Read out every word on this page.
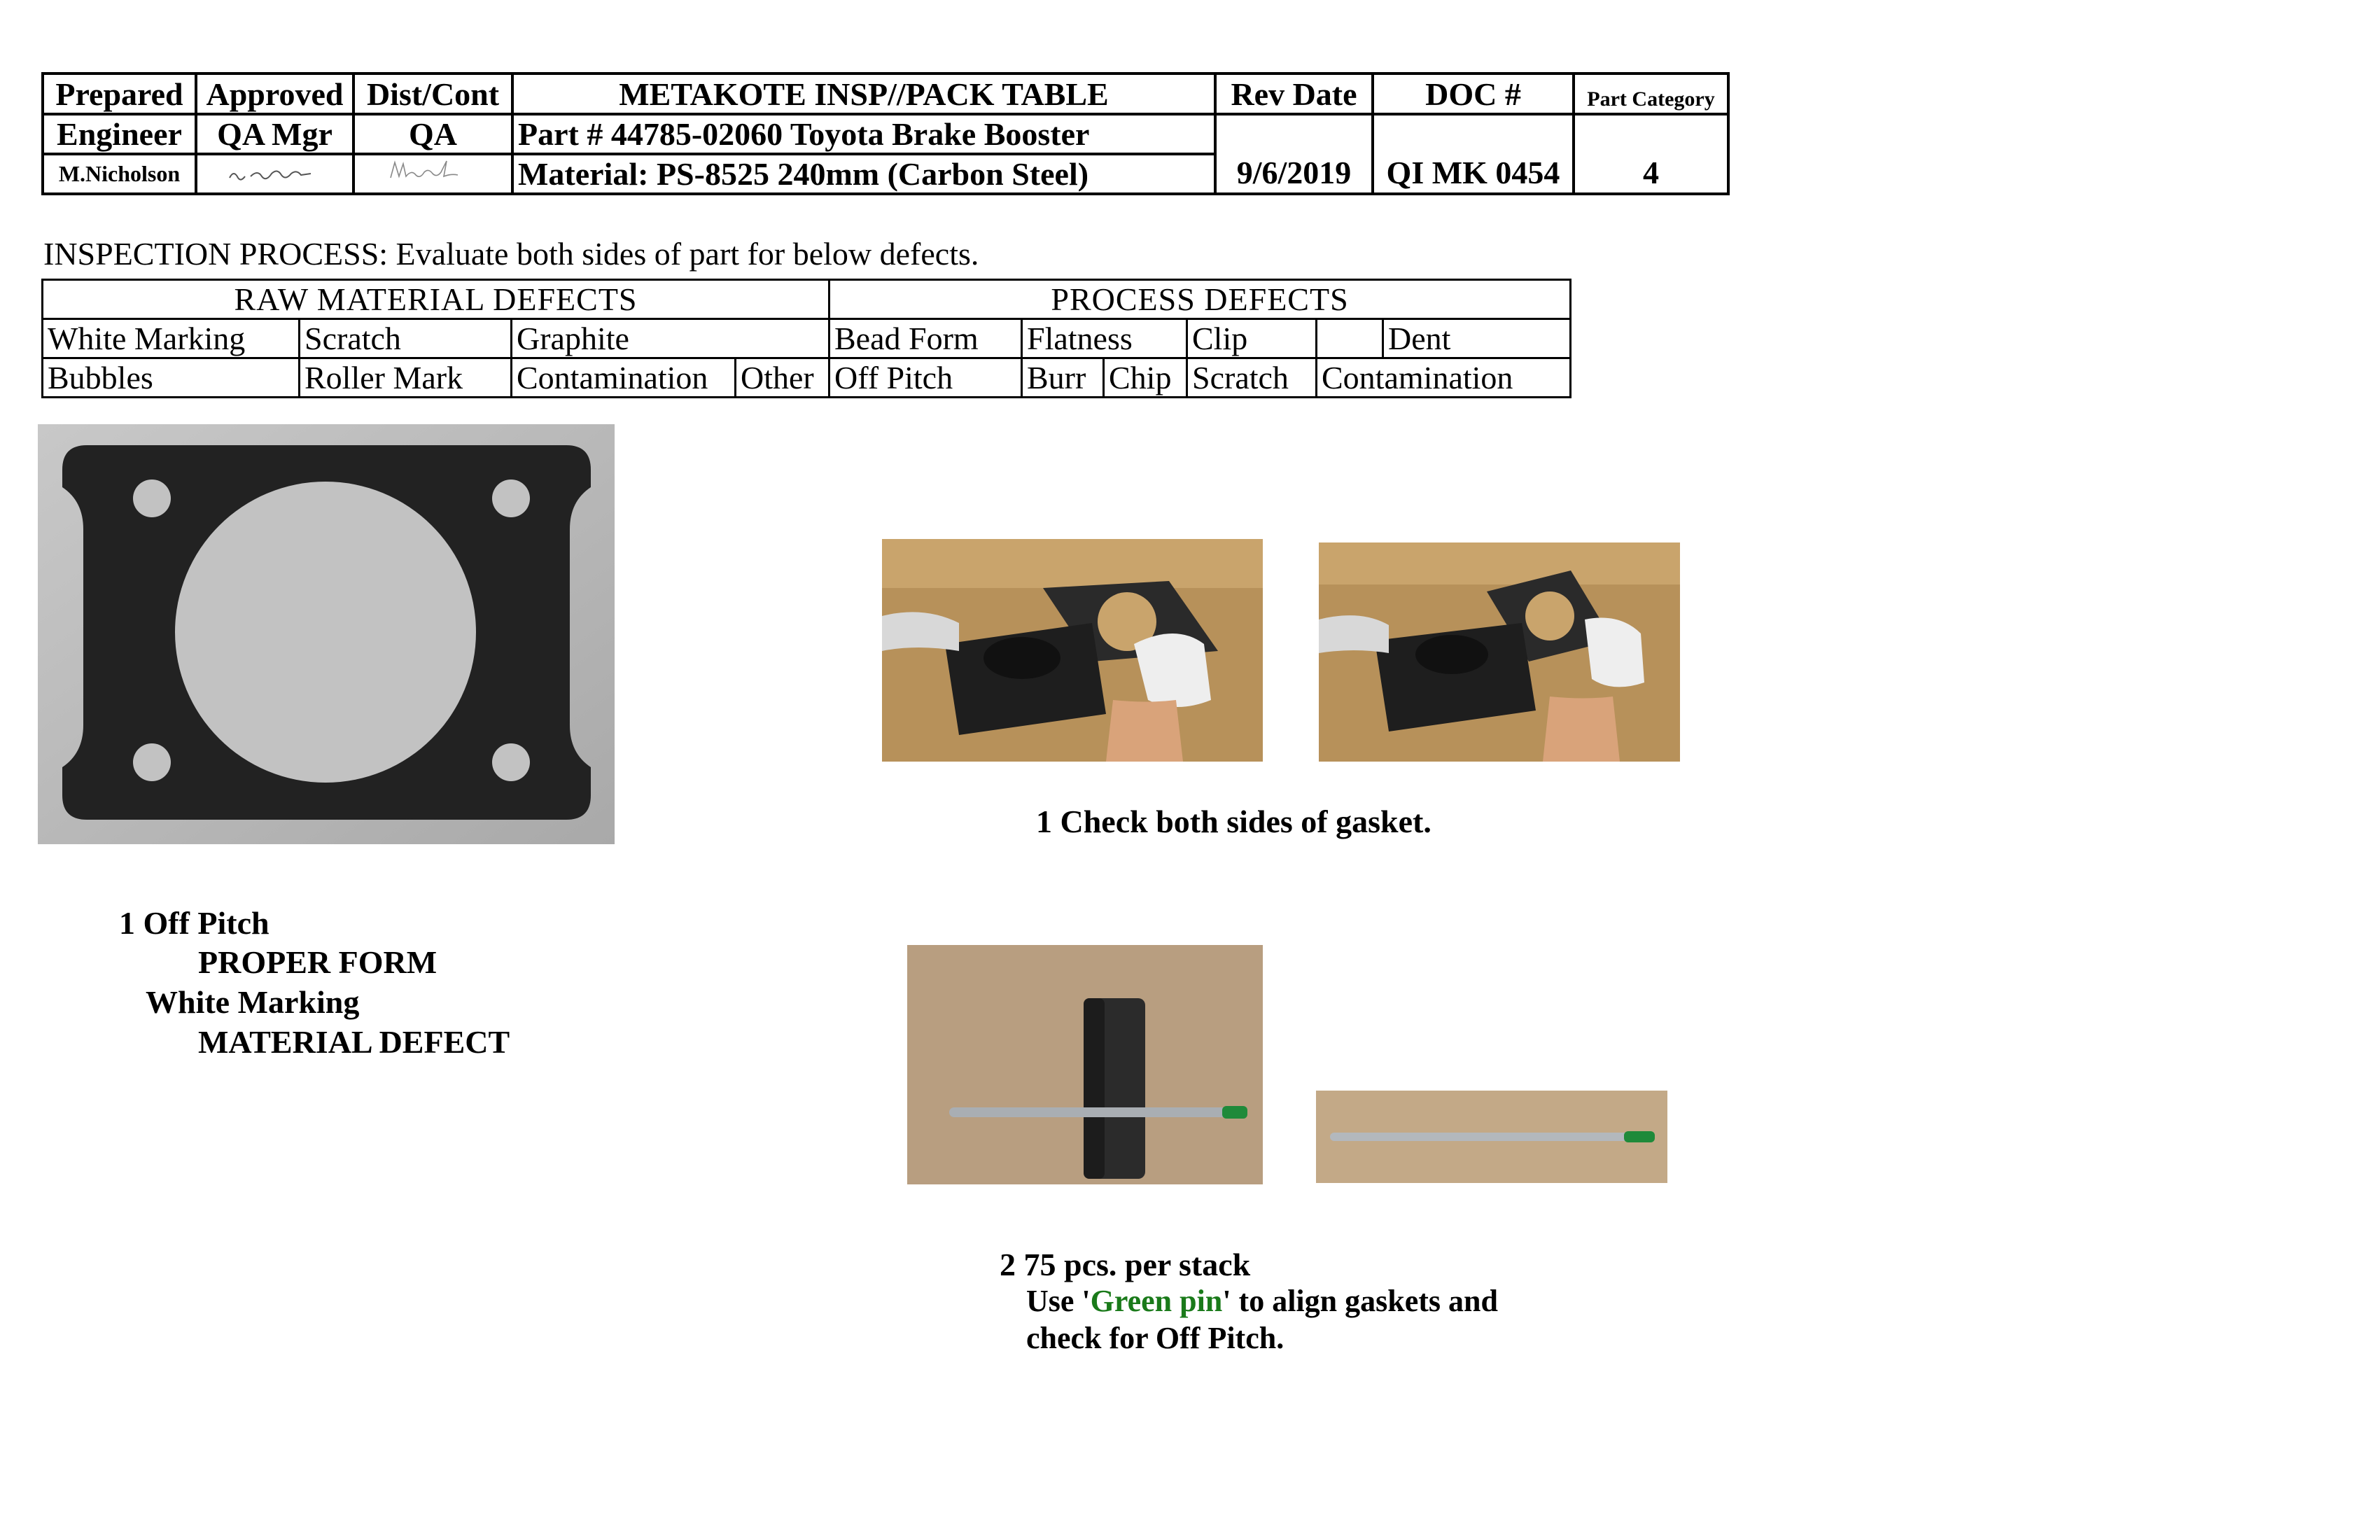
Prepared	Approved	Dist/Cont	METAKOTE INSP//PACK TABLE	Rev Date	DOC #	Part Category
Engineer	QA Mgr	QA	Part # 44785-02060 Toyota Brake Booster	9/6/2019	QI MK 0454	4
M.Nicholson			Material: PS-8525 240mm (Carbon Steel)			
INSPECTION PROCESS: Evaluate both sides of part for below defects.
RAW MATERIAL DEFECTS				PROCESS DEFECTS				
White Marking	Scratch	Graphite		Bead Form	Flatness		Clip	Dent
Bubbles	Roller Mark	Contamination	Other	Off Pitch	Burr	Chip	Scratch	Contamination
1 Check both sides of gasket.
1 Off Pitch
PROPER FORM
White Marking
MATERIAL DEFECT
2 75 pcs. per stack
Use 'Green pin' to align gaskets and
check for Off Pitch.
